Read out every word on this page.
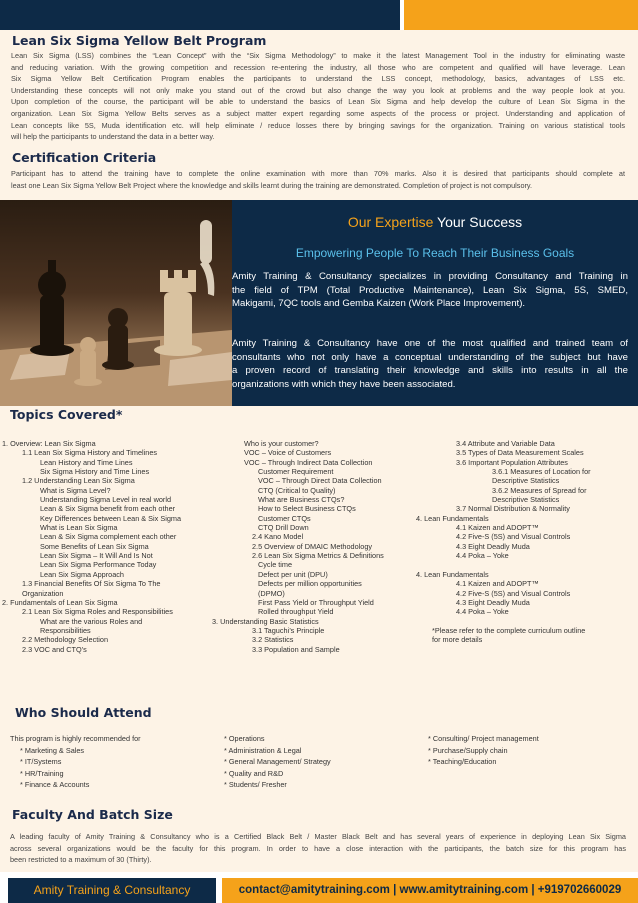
Lean Six Sigma Yellow Belt Program
Lean Six Sigma (LSS) combines the “Lean Concept” with the “Six Sigma Methodology” to make it the latest Management Tool in the industry for eliminating waste
and reducing variation. With the growing competition and recession re-entering the industry, all those who are competent and qualified will have leverage. Lean
Six Sigma Yellow Belt Certification Program enables the participants to understand the LSS concept, methodology, basics, advantages of LSS etc.
Understanding these concepts will not only make you stand out of the crowd but also change the way you look at problems and the way people look at you.
Upon completion of the course, the participant will be able to understand the basics of Lean Six Sigma and help develop the culture of Lean Six Sigma in the
organization. Lean Six Sigma Yellow Belts serves as a subject matter expert regarding some aspects of the process or project. Understanding and application of
Lean concepts like 5S, Muda identification etc. will help eliminate / reduce losses there by bringing savings for the organization. Training on various statistical tools
will help the participants to understand the data in a better way.
Certification Criteria
Participant has to attend the training have to complete the online examination with more than 70% marks. Also it is desired that participants should complete at
least one Lean Six Sigma Yellow Belt Project where the knowledge and skills learnt during the training are demonstrated. Completion of project is not compulsory.
Our Expertise Your Success
Empowering People To Reach Their Business Goals
Amity Training & Consultancy specializes in providing Consultancy and Training in
the field of TPM (Total Productive Maintenance), Lean Six Sigma, 5S, SMED,
Makigami, 7QC tools and Gemba Kaizen (Work Place Improvement).
Amity Training & Consultancy have one of the most qualified and trained team of
consultants who not only have a conceptual understanding of the subject but have
a proven record of translating their knowledge and skills into results in all the
organizations with which they have been associated.
Topics Covered*
1. Overview: Lean Six Sigma
1.1 Lean Six Sigma History and Timelines
Lean History and Time Lines
Six Sigma History and Time Lines
1.2 Understanding Lean Six Sigma
What is Sigma Level?
Understanding Sigma Level in real world
Lean & Six Sigma benefit from each other
Key Differences between Lean & Six Sigma
What is Lean Six Sigma
Lean & Six Sigma complement each other
Some Benefits of Lean Six Sigma
Lean Six Sigma – It Will And Is Not
Lean Six Sigma Performance Today
Lean Six Sigma Approach
1.3 Financial Benefits Of Six Sigma To The
Organization
2. Fundamentals of Lean Six Sigma
2.1 Lean Six Sigma Roles and Responsibilities
What are the various Roles and
Responsibilities
2.2 Methodology Selection
2.3 VOC and CTQ’s
Who is your customer?
VOC – Voice of Customers
VOC – Through Indirect Data Collection
Customer Requirement
VOC – Through Direct Data Collection
CTQ (Critical to Quality)
What are Business CTQs?
How to Select Business CTQs
Customer CTQs
CTQ Drill Down
2.4 Kano Model
2.5 Overview of DMAIC Methodology
2.6 Lean Six Sigma Metrics & Definitions
Cycle time
Defect per unit (DPU)
Defects per million opportunities
(DPMO)
First Pass Yield or Throughput Yield
Rolled throughput Yield
3. Understanding Basic Statistics
3.1 Taguchi’s Principle
3.2 Statistics
3.3 Population and Sample
3.4 Attribute and Variable Data
3.5 Types of Data Measurement Scales
3.6 Important Population Attributes
3.6.1 Measures of Location for
Descriptive Statistics
3.6.2 Measures of Spread for
Descriptive Statistics
3.7 Normal Distribution & Normality
4. Lean Fundamentals
4.1 Kaizen and ADOPT™
4.2 Five-S (5S) and Visual Controls
4.3 Eight Deadly Muda
4.4 Poka – Yoke
4. Lean Fundamentals
4.1 Kaizen and ADOPT™
4.2 Five-S (5S) and Visual Controls
4.3 Eight Deadly Muda
4.4 Poka – Yoke
*Please refer to the complete curriculum outline
for more details
Who Should Attend
This program is highly recommended for
* Marketing & Sales
* IT/Systems
* HR/Training
* Finance & Accounts
* Operations
* Administration & Legal
* General Management/ Strategy
* Quality and R&D
* Students/ Fresher
* Consulting/ Project management
* Purchase/Supply chain
* Teaching/Education
Faculty And Batch Size
A leading faculty of Amity Training & Consultancy who is a Certified Black Belt / Master Black Belt and has several years of experience in deploying Lean Six Sigma
across several organizations would be the faculty for this program. In order to have a close interaction with the participants, the batch size for this program has
been restricted to a maximum of 30 (Thirty).
Amity Training & Consultancy	contact@amitytraining.com | www.amitytraining.com | +919702660029
